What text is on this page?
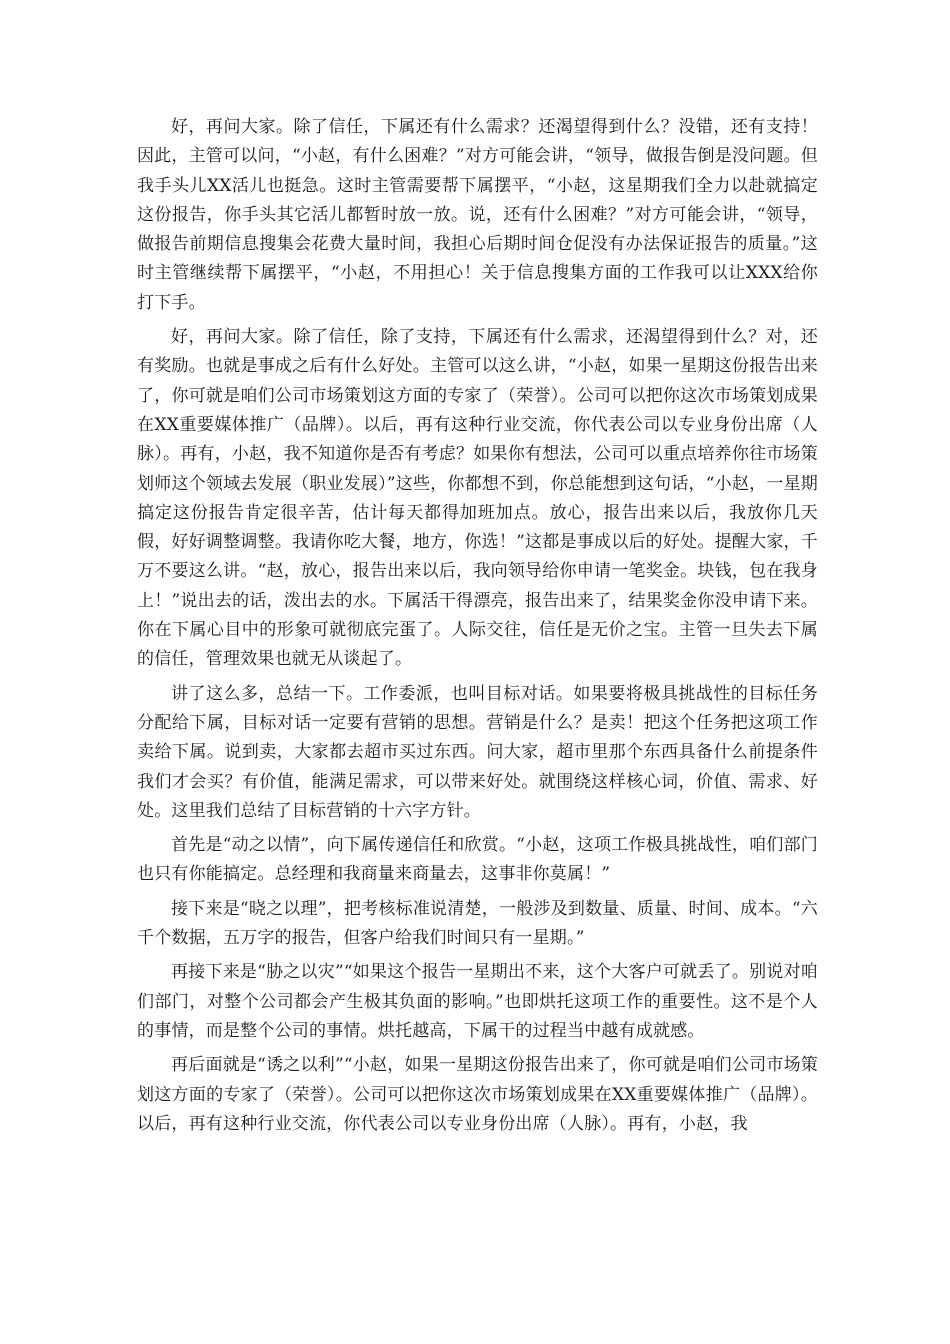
好，再问大家。除了信任，下属还有什么需求？还渴望得到什么？没错，还有支持！因此，主管可以问，“小赵，有什么困难？”对方可能会讲，“领导，做报告倒是没问题。但我手头儿XX活儿也挺急。这时主管需要帮下属摆平，“小赵，这星期我们全力以赴就搞定这份报告，你手头其它活儿都暂时放一放。说，还有什么困难？”对方可能会讲，“领导，做报告前期信息搜集会花费大量时间，我担心后期时间仓促没有办法保证报告的质量。”这时主管继续帮下属摆平，“小赵，不用担心！关于信息搜集方面的工作我可以让XXX给你打下手。

好，再问大家。除了信任，除了支持，下属还有什么需求，还渴望得到什么？对，还有奖励。也就是事成之后有什么好处。主管可以这么讲，“小赵，如果一星期这份报告出来了，你可就是咱们公司市场策划这方面的专家了（荣誉）。公司可以把你这次市场策划成果在XX重要媒体推广（品牌）。以后，再有这种行业交流，你代表公司以专业身份出席（人脉）。再有，小赵，我不知道你是否有考虑？如果你有想法，公司可以重点培养你往市场策划师这个领域去发展（职业发展）”这些，你都想不到，你总能想到这句话，“小赵，一星期搞定这份报告肯定很辛苦，估计每天都得加班加点。放心，报告出来以后，我放你几天假，好好调整调整。我请你吃大餐，地方，你选！”这都是事成以后的好处。提醒大家，千万不要这么讲。“赵，放心，报告出来以后，我向领导给你申请一笔奖金。块钱，包在我身上！”说出去的话，泼出去的水。下属活干得漂亮，报告出来了，结果奖金你没申请下来。你在下属心目中的形象可就彻底完蛋了。人际交往，信任是无价之宝。主管一旦失去下属的信任，管理效果也就无从谈起了。

讲了这么多，总结一下。工作委派，也叫目标对话。如果要将极具挑战性的目标任务分配给下属，目标对话一定要有营销的思想。营销是什么？是卖！把这个任务把这项工作卖给下属。说到卖，大家都去超市买过东西。问大家，超市里那个东西具备什么前提条件我们才会买？有价值，能满足需求，可以带来好处。就围绕这样核心词，价值、需求、好处。这里我们总结了目标营销的十六字方针。

首先是“动之以情”，向下属传递信任和欣赏。“小赵，这项工作极具挑战性，咱们部门也只有你能搞定。总经理和我商量来商量去，这事非你莫属！”

接下来是“晓之以理”，把考核标准说清楚，一般涉及到数量、质量、时间、成本。“六千个数据，五万字的报告，但客户给我们时间只有一星期。”

再接下来是“胁之以灾”“如果这个报告一星期出不来，这个大客户可就丢了。别说对咱们部门，对整个公司都会产生极其负面的影响。”也即烘托这项工作的重要性。这不是个人的事情，而是整个公司的事情。烘托越高，下属干的过程当中越有成就感。

再后面就是“诱之以利”“小赵，如果一星期这份报告出来了，你可就是咱们公司市场策划这方面的专家了（荣誉）。公司可以把你这次市场策划成果在XX重要媒体推广（品牌）。以后，再有这种行业交流，你代表公司以专业身份出席（人脉）。再有，小赵，我
